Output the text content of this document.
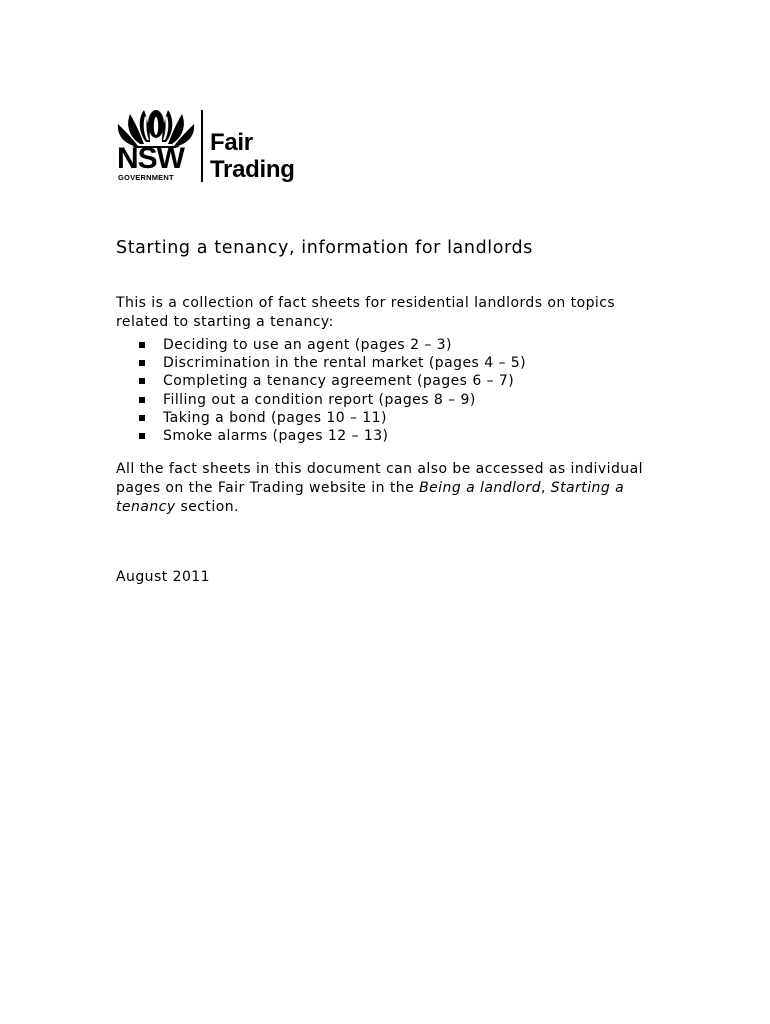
NSW
GOVERNMENT
Fair
Trading
Starting a tenancy, information for landlords

This is a collection of fact sheets for residential landlords on topics related to starting a tenancy:

Deciding to use an agent (pages 2 – 3)
Discrimination in the rental market (pages 4 – 5)
Completing a tenancy agreement (pages 6 – 7)
Filling out a condition report (pages 8 – 9)
Taking a bond (pages 10 – 11)
Smoke alarms (pages 12 – 13)

All the fact sheets in this document can also be accessed as individual pages on the Fair Trading website in the Being a landlord, Starting a tenancy section.

August 2011
